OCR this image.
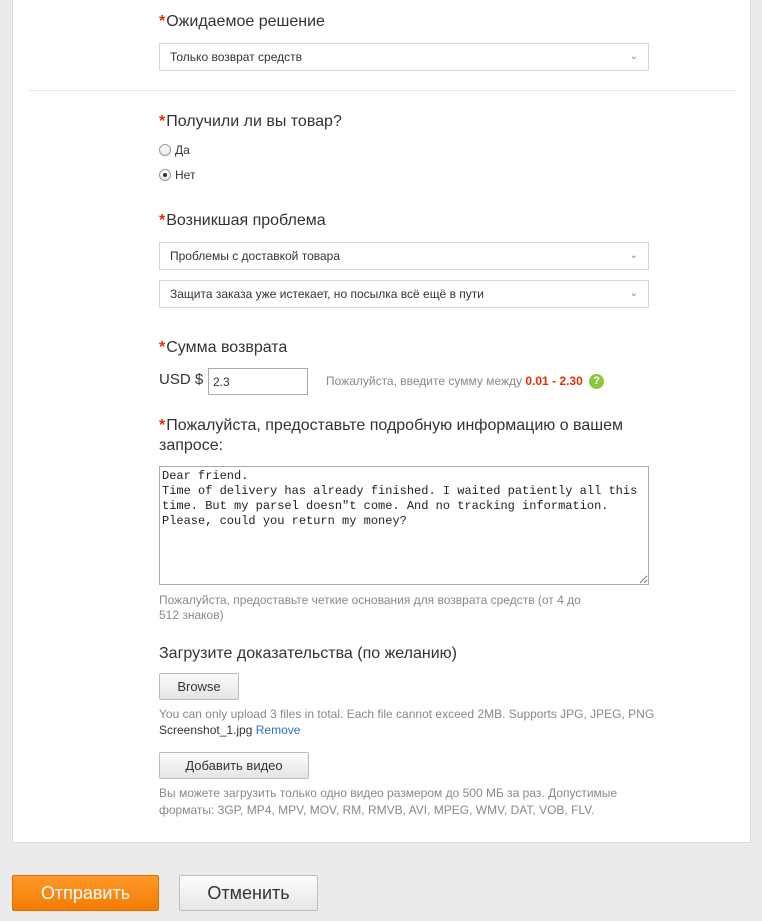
*Ожидаемое решение
Только возврат средств	⌄
*Получили ли вы товар?
Да
Нет
*Возникшая проблема
Проблемы с доставкой товара	⌄
Защита заказа уже истекает, но посылка всё ещё в пути	⌄
*Сумма возврата
USD $
2.3	Пожалуйста, введите сумму между 0.01 - 2.30 ?
*Пожалуйста, предоставьте подробную информацию о вашем
запросе:
Dear friend. Time of delivery has already finished. I waited patiently all this time. But my parsel doesn"t come. And no tracking information. Please, could you return my money?
Пожалуйста, предоставьте четкие основания для возврата средств (от 4 до
512 знаков)
Загрузите доказательства (по желанию)
Browse
You can only upload 3 files in total. Each file cannot exceed 2MB. Supports JPG, JPEG, PNG
Screenshot_1.jpg Remove
Добавить видео
Вы можете загрузить только одно видео размером до 500 МБ за раз. Допустимые
форматы: 3GP, MP4, MPV, MOV, RM, RMVB, AVI, MPEG, WMV, DAT, VOB, FLV.
Отправить	Отменить
